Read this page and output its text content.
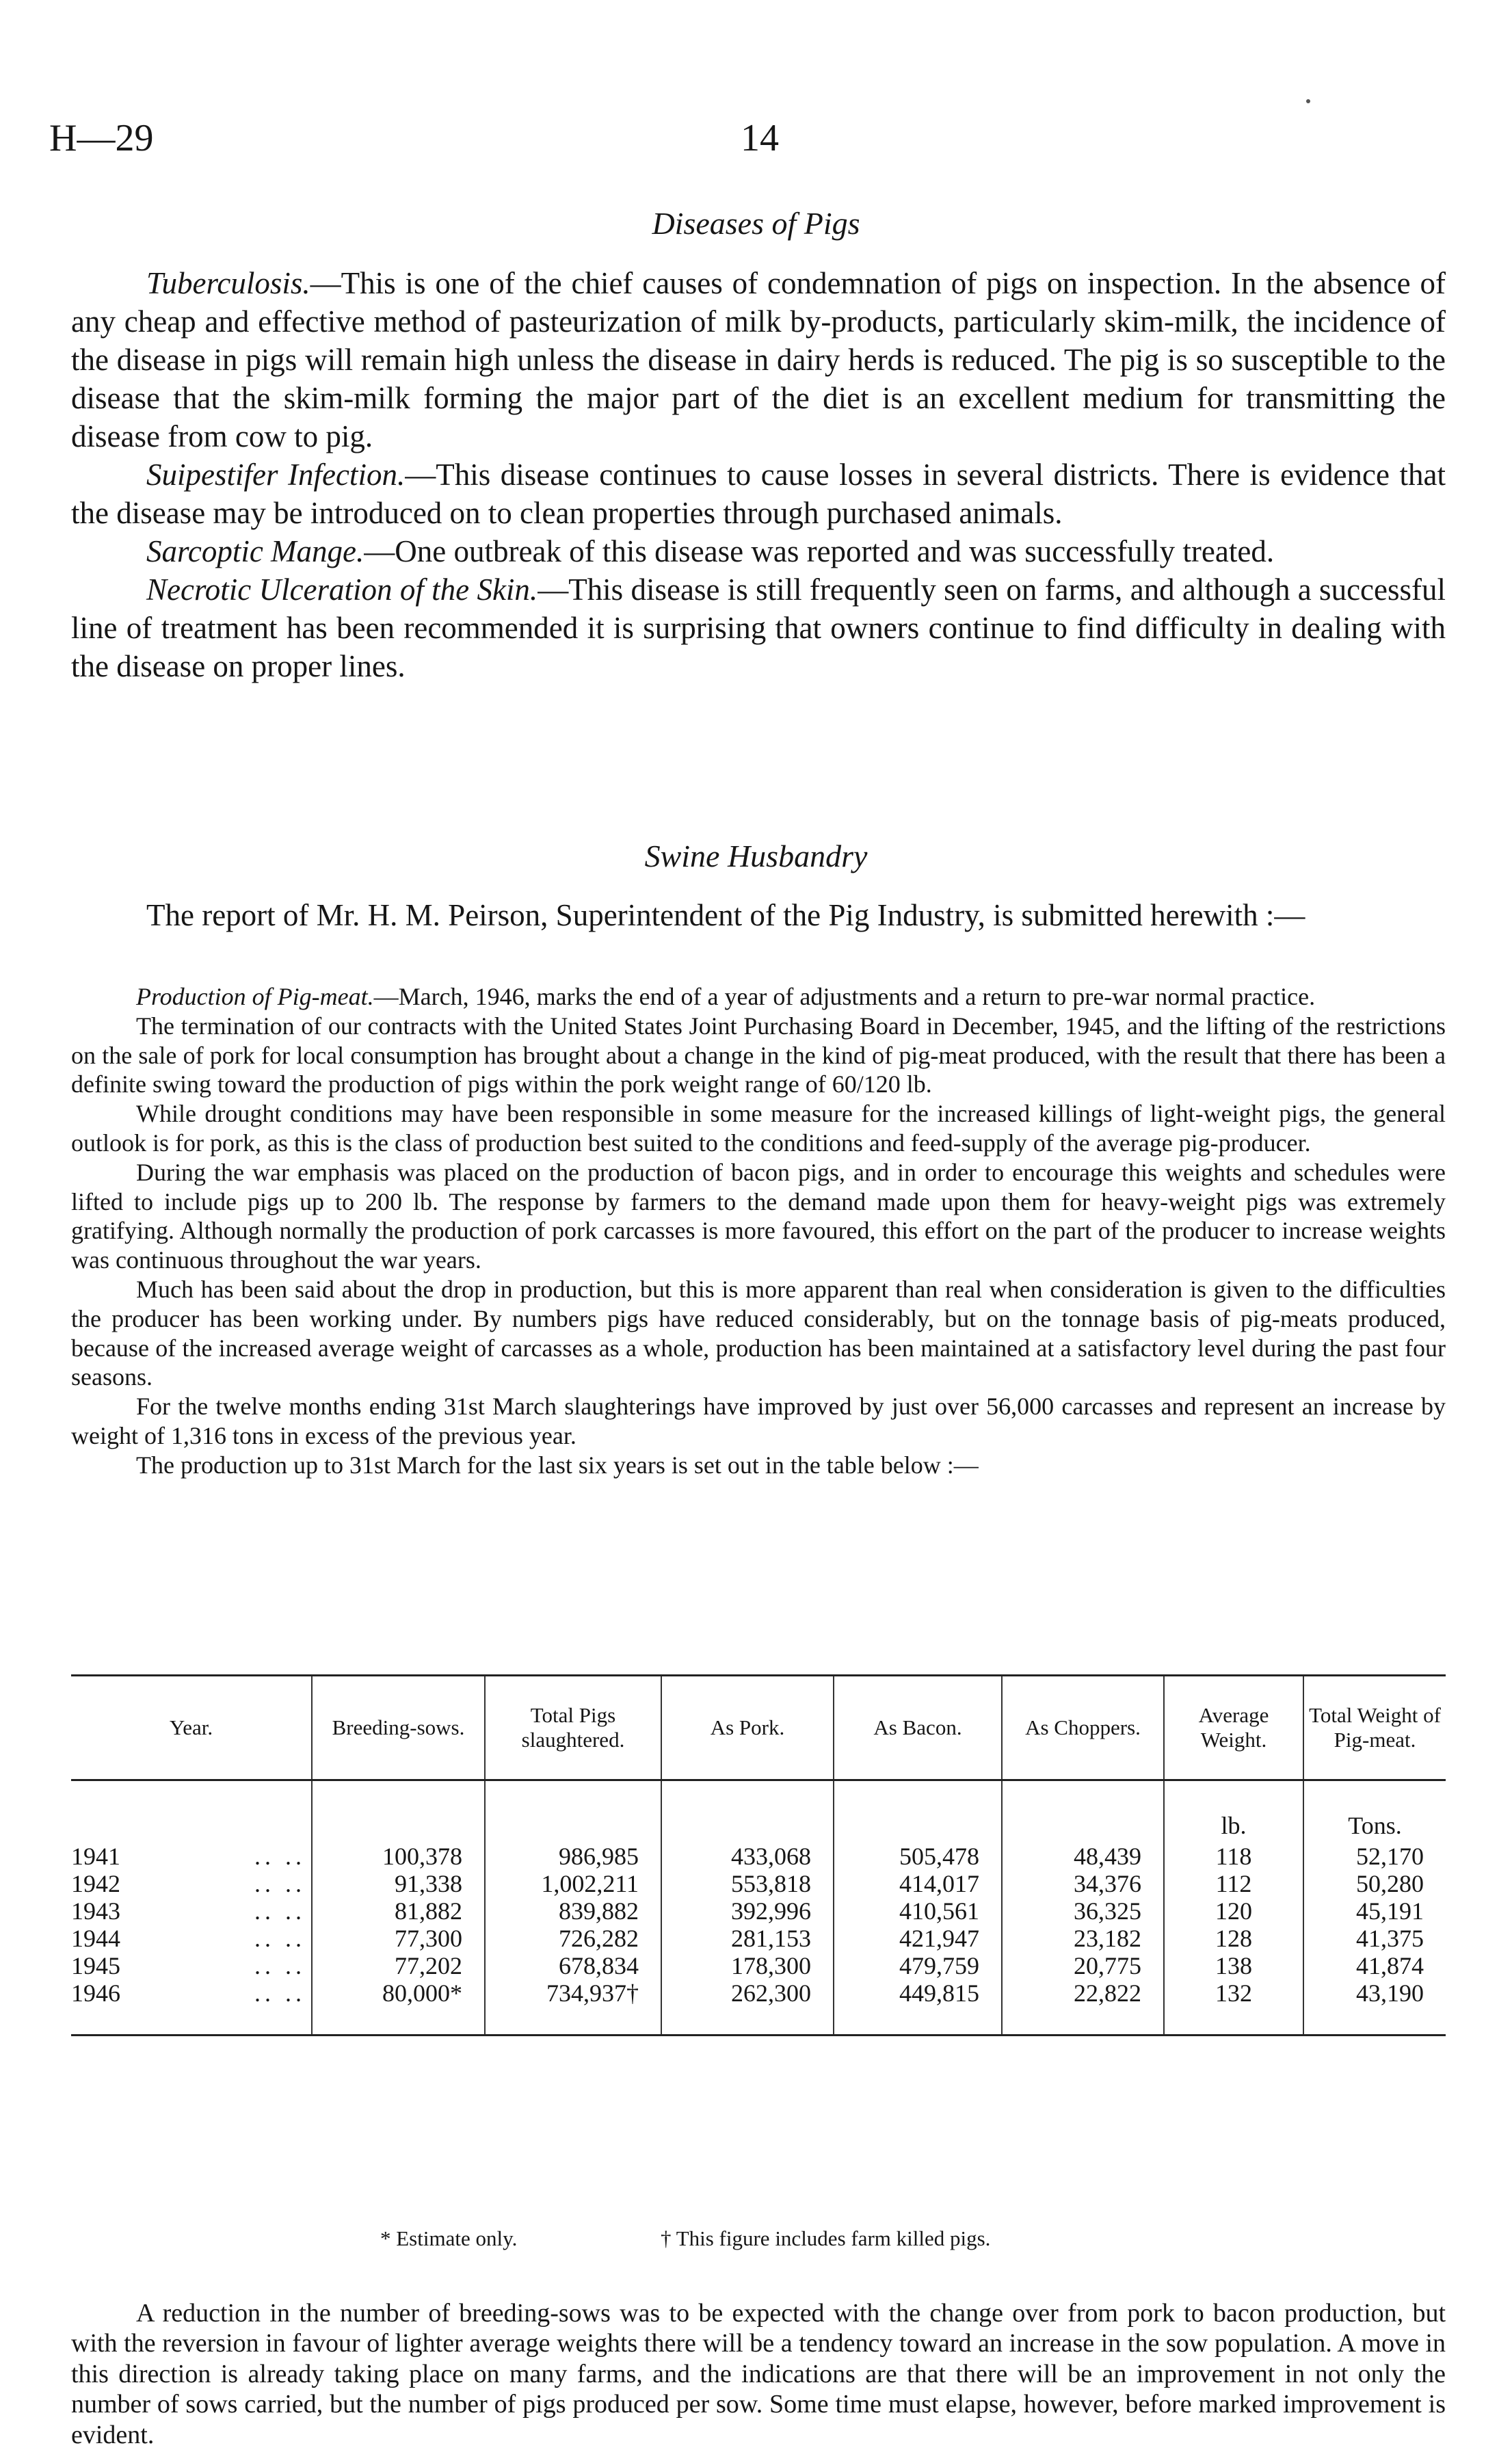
H—29	14
Diseases of Pigs

Tuberculosis.—This is one of the chief causes of condemnation of pigs on inspection. In the absence of any cheap and effective method of pasteurization of milk by-products, particularly skim-milk, the incidence of the disease in pigs will remain high unless the disease in dairy herds is reduced. The pig is so susceptible to the disease that the skim-milk forming the major part of the diet is an excellent medium for transmitting the disease from cow to pig.

Suipestifer Infection.—This disease continues to cause losses in several districts. There is evidence that the disease may be introduced on to clean properties through purchased animals.

Sarcoptic Mange.—One outbreak of this disease was reported and was successfully treated.

Necrotic Ulceration of the Skin.—This disease is still frequently seen on farms, and although a successful line of treatment has been recommended it is surprising that owners continue to find difficulty in dealing with the disease on proper lines.

Swine Husbandry

The report of Mr. H. M. Peirson, Superintendent of the Pig Industry, is submitted herewith :—

Production of Pig-meat.—March, 1946, marks the end of a year of adjustments and a return to pre-war normal practice.

The termination of our contracts with the United States Joint Purchasing Board in December, 1945, and the lifting of the restrictions on the sale of pork for local consumption has brought about a change in the kind of pig-meat produced, with the result that there has been a definite swing toward the production of pigs within the pork weight range of 60/120 lb.

While drought conditions may have been responsible in some measure for the increased killings of light-weight pigs, the general outlook is for pork, as this is the class of production best suited to the conditions and feed-supply of the average pig-producer.

During the war emphasis was placed on the production of bacon pigs, and in order to encourage this weights and schedules were lifted to include pigs up to 200 lb. The response by farmers to the demand made upon them for heavy-weight pigs was extremely gratifying. Although normally the production of pork carcasses is more favoured, this effort on the part of the producer to increase weights was continuous throughout the war years.

Much has been said about the drop in production, but this is more apparent than real when consideration is given to the difficulties the producer has been working under. By numbers pigs have reduced considerably, but on the tonnage basis of pig-meats produced, because of the increased average weight of carcasses as a whole, production has been maintained at a satisfactory level during the past four seasons.

For the twelve months ending 31st March slaughterings have improved by just over 56,000 carcasses and represent an increase by weight of 1,316 tons in excess of the previous year.

The production up to 31st March for the last six years is set out in the table below :—

Year.	Breeding-sows.	Total Pigs slaughtered.	As Pork.	As Bacon.	As Choppers.	Average Weight.	Total Weight of Pig-meat.
						lb.	Tons.
1941 .. ..	100,378	986,985	433,068	505,478	48,439	118	52,170
1942 .. ..	91,338	1,002,211	553,818	414,017	34,376	112	50,280
1943 .. ..	81,882	839,882	392,996	410,561	36,325	120	45,191
1944 .. ..	77,300	726,282	281,153	421,947	23,182	128	41,375
1945 .. ..	77,202	678,834	178,300	479,759	20,775	138	41,874
1946 .. ..	80,000*	734,937†	262,300	449,815	22,822	132	43,190
* Estimate only.	† This figure includes farm killed pigs.

A reduction in the number of breeding-sows was to be expected with the change over from pork to bacon production, but with the reversion in favour of lighter average weights there will be a tendency toward an increase in the sow population. A move in this direction is already taking place on many farms, and the indications are that there will be an improvement in not only the number of sows carried, but the number of pigs produced per sow. Some time must elapse, however, before marked improvement is evident.
